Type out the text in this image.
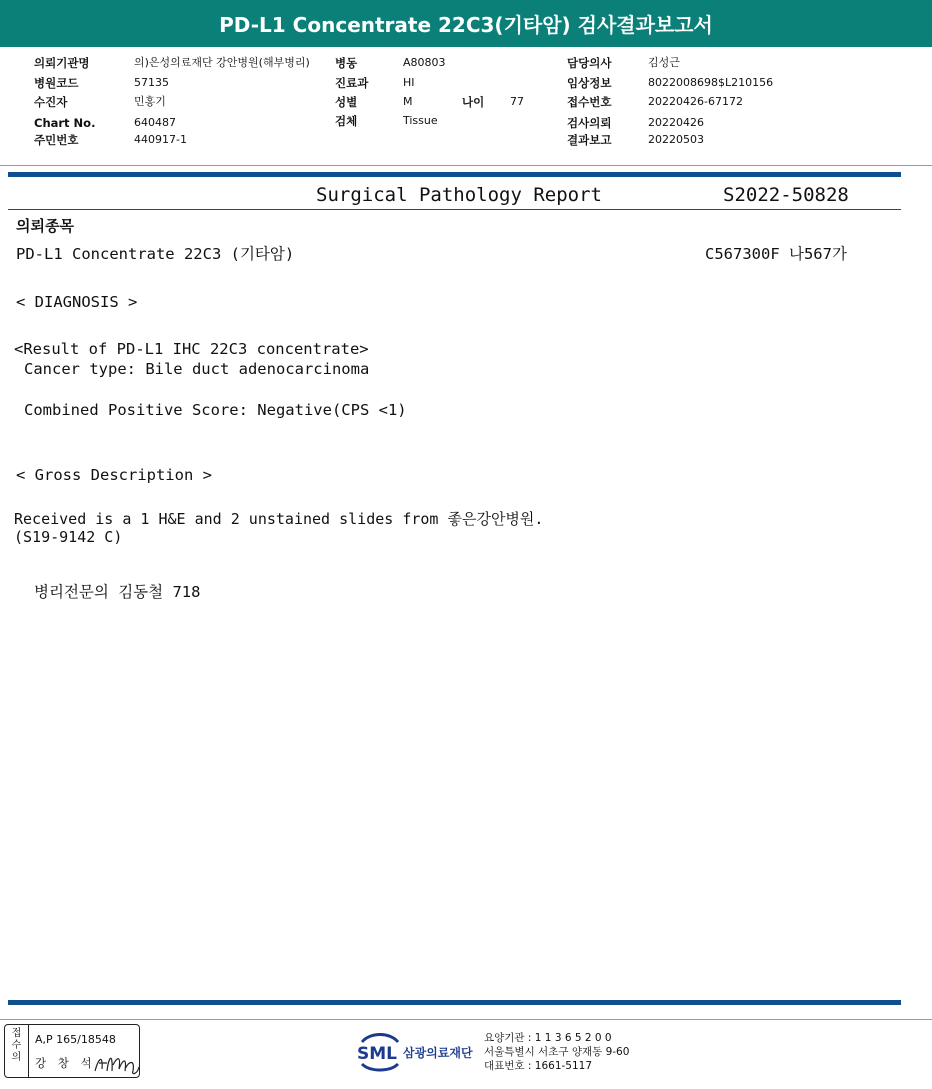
PD-L1 Concentrate 22C3(기타암) 검사결과보고서
의뢰기관명	의)은성의료재단 강안병원(해부병리)
병원코드	57135
수진자	민홍기
Chart No.	640487
주민번호	440917-1
병동	A80803
진료과	HI
성별	M	나이 77
검체	Tissue
담당의사	김성근
임상정보	8022008698$L210156
접수번호	20220426-67172
검사의뢰	20220426
결과보고	20220503
Surgical Pathology Report	S2022-50828
의뢰종목
PD-L1 Concentrate 22C3 (기타암)	C567300F 나567가
< DIAGNOSIS >
<Result of PD-L1 IHC 22C3 concentrate>
Cancer type: Bile duct adenocarcinoma
Combined Positive Score: Negative(CPS <1)
< Gross Description >
Received is a 1 H&E and 2 unstained slides from 좋은강안병원.
(S19-9142 C)
병리전문의 김동철 718
접
수
의
A,P 165/18548
강 창 석	SML 삼광의료재단
요양기관 : 1 1 3 6 5 2 0 0
서울특별시 서초구 양재동 9-60
대표번호 : 1661-5117
